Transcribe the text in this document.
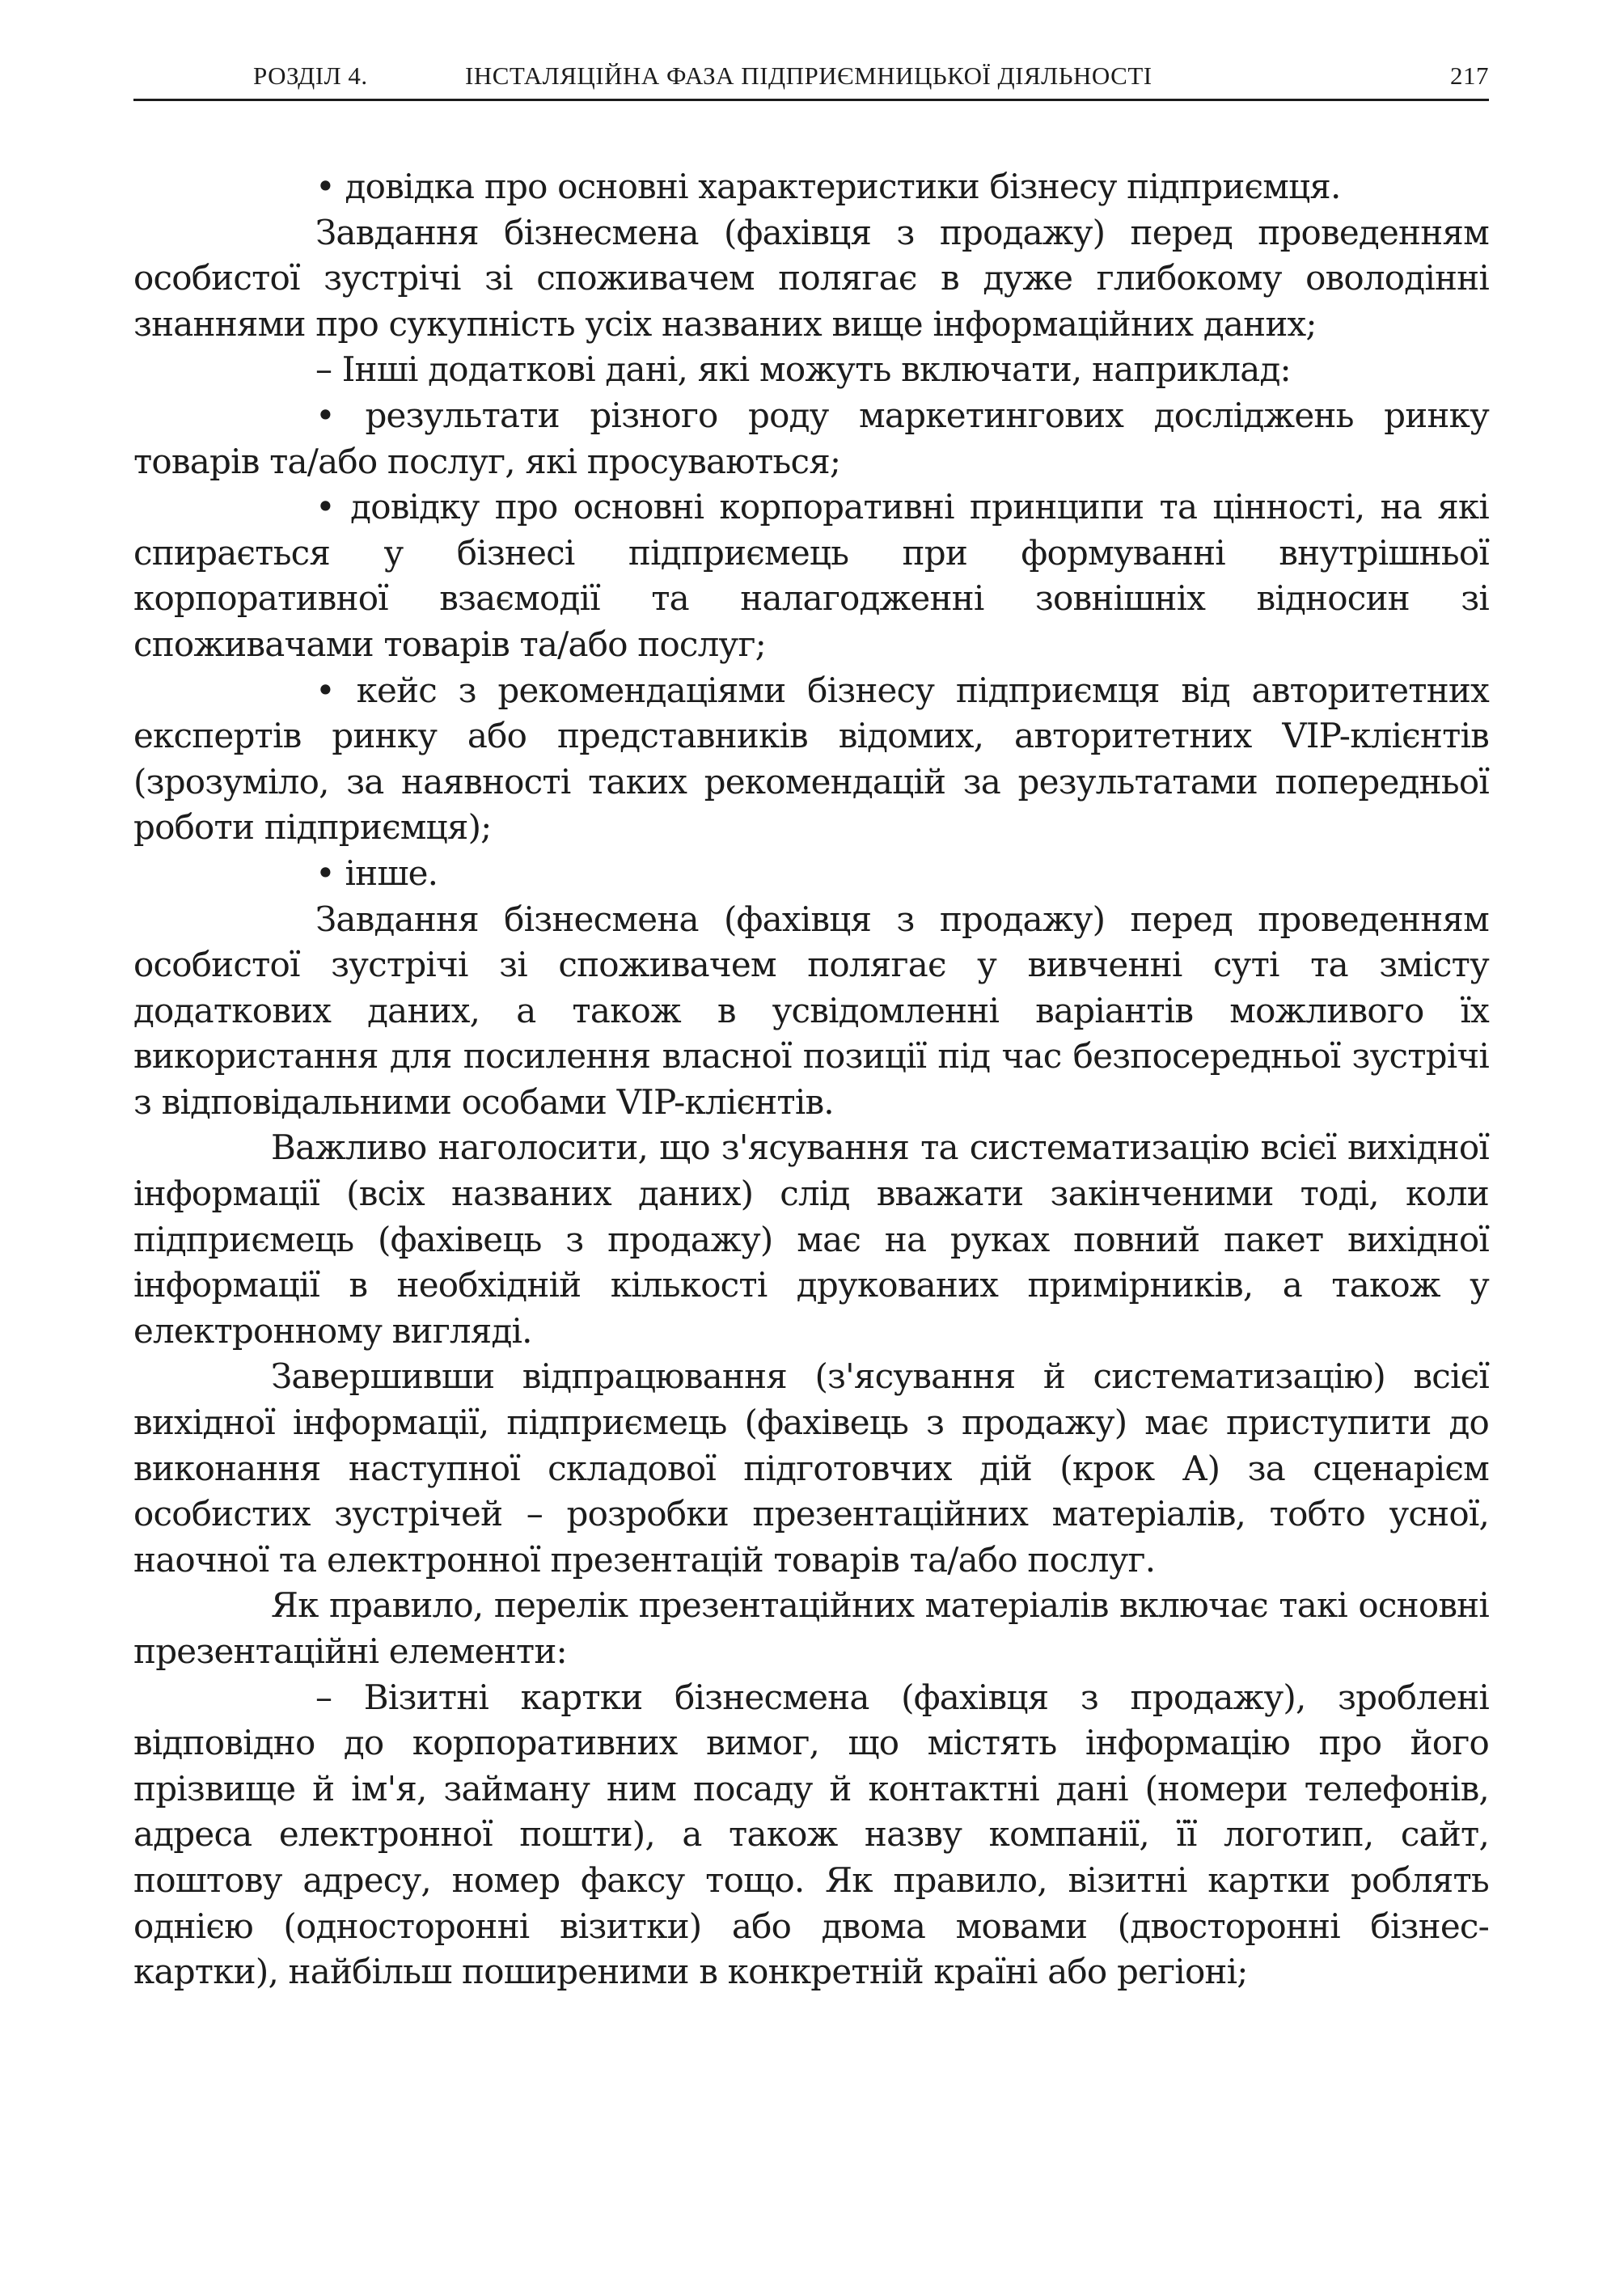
РОЗДІЛ 4.	ІНСТАЛЯЦІЙНА ФАЗА ПІДПРИЄМНИЦЬКОЇ ДІЯЛЬНОСТІ	217

• довідка про основні характеристики бізнесу підприємця.

Завдання бізнесмена (фахівця з продажу) перед проведенням особистої зустрічі зі споживачем полягає в дуже глибокому оволодінні знаннями про сукупність усіх названих вище інформаційних даних;

– Інші додаткові дані, які можуть включати, наприклад:

• результати різного роду маркетингових досліджень ринку товарів та/або послуг, які просуваються;

• довідку про основні корпоративні принципи та цінності, на які спирається у бізнесі підприємець при формуванні внутрішньої корпоративної взаємодії та налагодженні зовнішніх відносин зі споживачами товарів та/або послуг;

• кейс з рекомендаціями бізнесу підприємця від авторитетних експертів ринку або представників відомих, авторитетних VIP-клієнтів (зрозуміло, за наявності таких рекомендацій за результатами попередньої роботи підприємця);

• інше.

Завдання бізнесмена (фахівця з продажу) перед проведенням особистої зустрічі зі споживачем полягає у вивченні суті та змісту додаткових даних, а також в усвідомленні варіантів можливого їх використання для посилення власної позиції під час безпосередньої зустрічі з відповідальними особами VIP-клієнтів.

Важливо наголосити, що з'ясування та систематизацію всієї вихідної інформації (всіх названих даних) слід вважати закінченими тоді, коли підприємець (фахівець з продажу) має на руках повний пакет вихідної інформації в необхідній кількості друкованих примірників, а також у електронному вигляді.

Завершивши відпрацювання (з'ясування й систематизацію) всієї вихідної інформації, підприємець (фахівець з продажу) має приступити до виконання наступної складової підготовчих дій (крок А) за сценарієм особистих зустрічей – розробки презентаційних матеріалів, тобто усної, наочної та електронної презентацій товарів та/або послуг.

Як правило, перелік презентаційних матеріалів включає такі основні презентаційні елементи:

– Візитні картки бізнесмена (фахівця з продажу), зроблені відповідно до корпоративних вимог, що містять інформацію про його прізвище й ім'я, займану ним посаду й контактні дані (номери телефонів, адреса електронної пошти), а також назву компанії, її логотип, сайт, поштову адресу, номер факсу тощо. Як правило, візитні картки роблять однією (односторонні візитки) або двома мовами (двосторонні бізнес-картки), найбільш поширеними в конкретній країні або регіоні;
